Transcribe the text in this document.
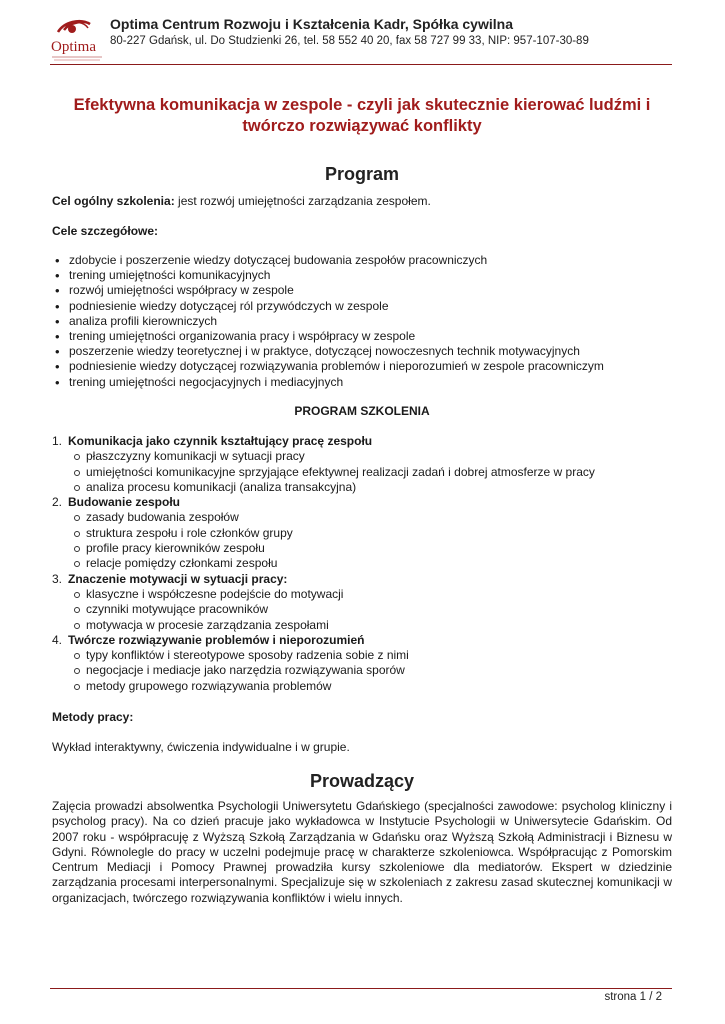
Optima
Optima Centrum Rozwoju i Kształcenia Kadr, Spółka cywilna
80-227 Gdańsk, ul. Do Studzienki 26, tel. 58 552 40 20, fax 58 727 99 33, NIP: 957-107-30-89
Efektywna komunikacja w zespole - czyli jak skutecznie kierować ludźmi i
twórczo rozwiązywać konflikty
Program
Cel ogólny szkolenia: jest rozwój umiejętności zarządzania zespołem.
Cele szczegółowe:
• zdobycie i poszerzenie wiedzy dotyczącej budowania zespołów pracowniczych
• trening umiejętności komunikacyjnych
• rozwój umiejętności współpracy w zespole
• podniesienie wiedzy dotyczącej ról przywódczych w zespole
• analiza profili kierowniczych
• trening umiejętności organizowania pracy i współpracy w zespole
• poszerzenie wiedzy teoretycznej i w praktyce, dotyczącej nowoczesnych technik motywacyjnych
• podniesienie wiedzy dotyczącej rozwiązywania problemów i nieporozumień w zespole pracowniczym
• trening umiejętności negocjacyjnych i mediacyjnych
PROGRAM SZKOLENIA
1. Komunikacja jako czynnik kształtujący pracę zespołu
płaszczyzny komunikacji w sytuacji pracy
umiejętności komunikacyjne sprzyjające efektywnej realizacji zadań i dobrej atmosferze w pracy
analiza procesu komunikacji (analiza transakcyjna)
2. Budowanie zespołu
zasady budowania zespołów
struktura zespołu i role członków grupy
profile pracy kierowników zespołu
relacje pomiędzy członkami zespołu
3. Znaczenie motywacji w sytuacji pracy:
klasyczne i współczesne podejście do motywacji
czynniki motywujące pracowników
motywacja w procesie zarządzania zespołami
4. Twórcze rozwiązywanie problemów i nieporozumień
typy konfliktów i stereotypowe sposoby radzenia sobie z nimi
negocjacje i mediacje jako narzędzia rozwiązywania sporów
metody grupowego rozwiązywania problemów
Metody pracy:
Wykład interaktywny, ćwiczenia indywidualne i w grupie.
Prowadzący
Zajęcia prowadzi absolwentka Psychologii Uniwersytetu Gdańskiego (specjalności zawodowe: psycholog kliniczny i psycholog pracy). Na co dzień pracuje jako wykładowca w Instytucie Psychologii w Uniwersytecie Gdańskim. Od 2007 roku - współpracuję z Wyższą Szkołą Zarządzania w Gdańsku oraz Wyższą Szkołą Administracji i Biznesu w Gdyni. Równolegle do pracy w uczelni podejmuje pracę w charakterze szkoleniowca. Współpracując z Pomorskim Centrum Mediacji i Pomocy Prawnej prowadziła kursy szkoleniowe dla mediatorów. Ekspert w dziedzinie zarządzania procesami interpersonalnymi. Specjalizuje się w szkoleniach z zakresu zasad skutecznej komunikacji w organizacjach, twórczego rozwiązywania konfliktów i wielu innych.
strona 1 / 2
